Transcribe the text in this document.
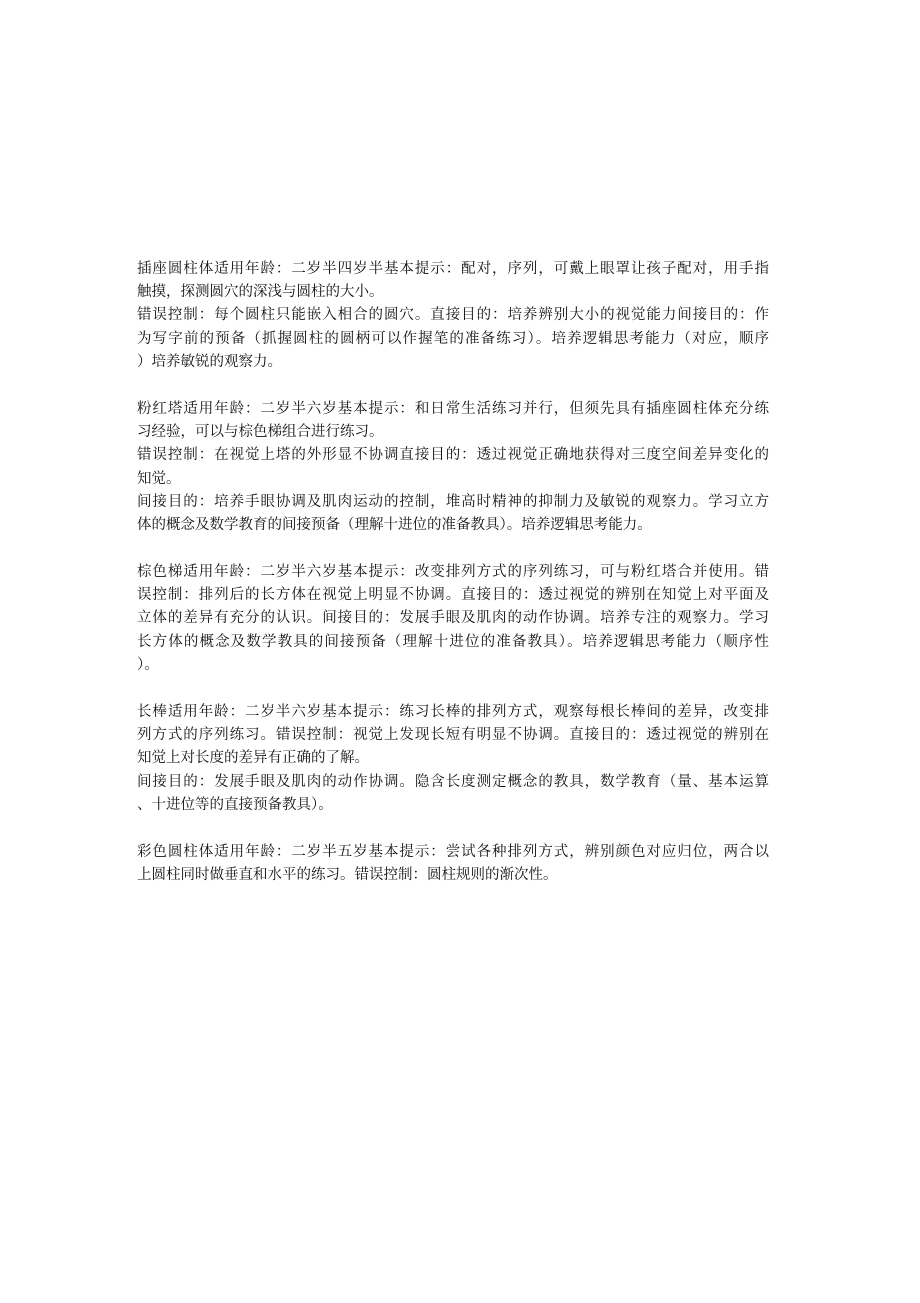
插座圆柱体适用年龄：二岁半四岁半基本提示：配对，序列，可戴上眼罩让孩子配对，用手指
触摸，探测圆穴的深浅与圆柱的大小。
错误控制：每个圆柱只能嵌入相合的圆穴。直接目的：培养辨别大小的视觉能力间接目的：作
为写字前的预备（抓握圆柱的圆柄可以作握笔的准备练习）。培养逻辑思考能力（对应，顺序
）培养敏锐的观察力。
粉红塔适用年龄：二岁半六岁基本提示：和日常生活练习并行，但须先具有插座圆柱体充分练
习经验，可以与棕色梯组合进行练习。
错误控制：在视觉上塔的外形显不协调直接目的：透过视觉正确地获得对三度空间差异变化的
知觉。
间接目的：培养手眼协调及肌肉运动的控制，堆高时精神的抑制力及敏锐的观察力。学习立方
体的概念及数学教育的间接预备（理解十进位的准备教具）。培养逻辑思考能力。
棕色梯适用年龄：二岁半六岁基本提示：改变排列方式的序列练习，可与粉红塔合并使用。错
误控制：排列后的长方体在视觉上明显不协调。直接目的：透过视觉的辨别在知觉上对平面及
立体的差异有充分的认识。间接目的：发展手眼及肌肉的动作协调。培养专注的观察力。学习
长方体的概念及数学教具的间接预备（理解十进位的准备教具）。培养逻辑思考能力（顺序性
）。
长棒适用年龄：二岁半六岁基本提示：练习长棒的排列方式，观察每根长棒间的差异，改变排
列方式的序列练习。错误控制：视觉上发现长短有明显不协调。直接目的：透过视觉的辨别在
知觉上对长度的差异有正确的了解。
间接目的：发展手眼及肌肉的动作协调。隐含长度测定概念的教具，数学教育（量、基本运算
、十进位等的直接预备教具）。
彩色圆柱体适用年龄：二岁半五岁基本提示：尝试各种排列方式，辨别颜色对应归位，两合以
上圆柱同时做垂直和水平的练习。错误控制：圆柱规则的渐次性。
